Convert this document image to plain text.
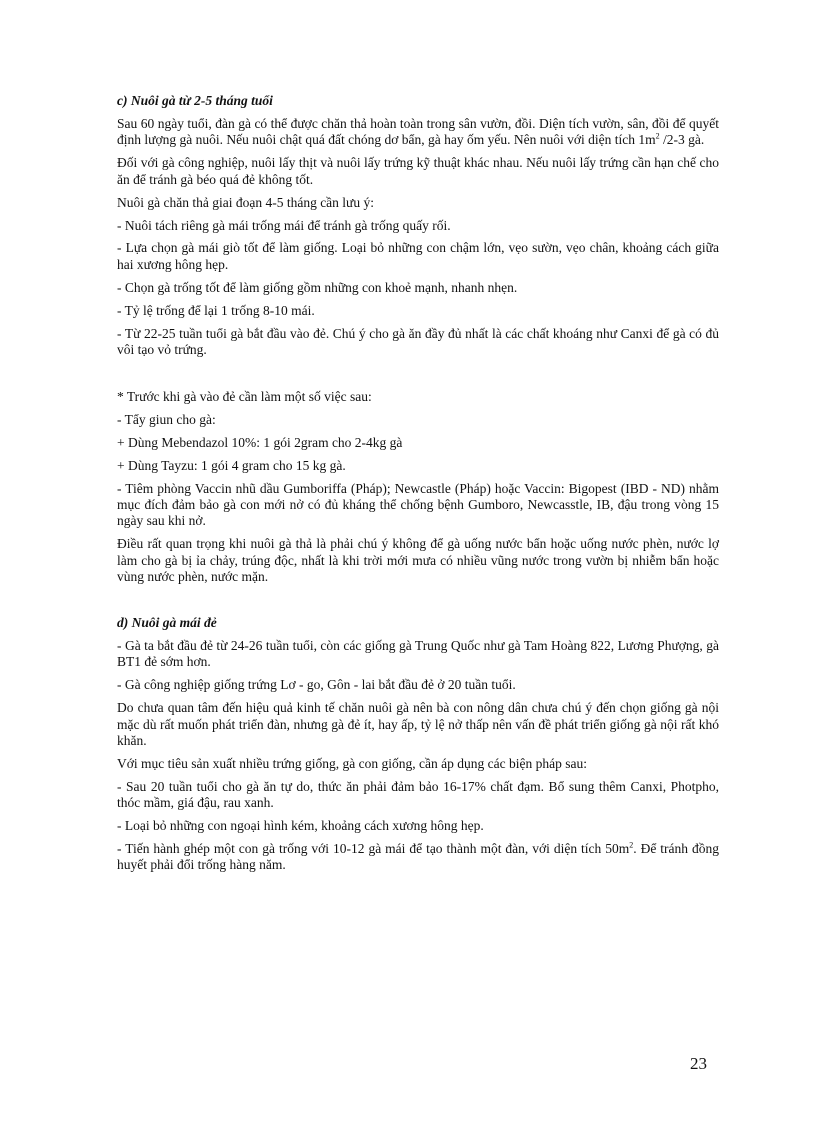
c) Nuôi gà từ 2-5 tháng tuổi

Sau 60 ngày tuổi, đàn gà có thể được chăn thả hoàn toàn trong sân vườn, đồi. Diện tích vườn, sân, đồi để quyết định lượng gà nuôi. Nếu nuôi chật quá đất chóng dơ bẩn, gà hay ốm yếu. Nên nuôi với diện tích $1m^2$ /2-3 gà.

Đối với gà công nghiệp, nuôi lấy thịt và nuôi lấy trứng kỹ thuật khác nhau. Nếu nuôi lấy trứng cần hạn chế cho ăn để tránh gà béo quá đẻ không tốt.

Nuôi gà chăn thả giai đoạn 4-5 tháng cần lưu ý:

- Nuôi tách riêng gà mái trống mái để tránh gà trống quấy rối.

- Lựa chọn gà mái giò tốt để làm giống. Loại bỏ những con chậm lớn, vẹo sườn, vẹo chân, khoảng cách giữa hai xương hông hẹp.

- Chọn gà trống tốt để làm giống gồm những con khoẻ mạnh, nhanh nhẹn.

- Tỷ lệ trống để lại 1 trống 8-10 mái.

- Từ 22-25 tuần tuổi gà bắt đầu vào đẻ. Chú ý cho gà ăn đầy đủ nhất là các chất khoáng như Canxi để gà có đủ vôi tạo vỏ trứng.

* Trước khi gà vào đẻ cần làm một số việc sau:

- Tẩy giun cho gà:

+ Dùng Mebendazol 10%: 1 gói 2gram cho 2-4kg gà

+ Dùng Tayzu: 1 gói 4 gram cho 15 kg gà.

- Tiêm phòng Vaccin nhũ dầu Gumboriffa (Pháp); Newcastle (Pháp) hoặc Vaccin: Bigopest (IBD - ND) nhằm mục đích đảm bảo gà con mới nở có đủ kháng thể chống bệnh Gumboro, Newcasstle, IB, đậu trong vòng 15 ngày sau khi nở.

Điều rất quan trọng khi nuôi gà thả là phải chú ý không để gà uống nước bẩn hoặc uống nước phèn, nước lợ làm cho gà bị ỉa chảy, trúng độc, nhất là khi trời mới mưa có nhiều vũng nước trong vườn bị nhiễm bẩn hoặc vùng nước phèn, nước mặn.

d) Nuôi gà mái đẻ

- Gà ta bắt đầu đẻ từ 24-26 tuần tuổi, còn các giống gà Trung Quốc như gà Tam Hoàng 822, Lương Phượng, gà BT1 đẻ sớm hơn.

- Gà công nghiệp giống trứng Lơ - go, Gôn - lai bắt đầu đẻ ở 20 tuần tuổi.

Do chưa quan tâm đến hiệu quả kinh tế chăn nuôi gà nên bà con nông dân chưa chú ý đến chọn giống gà nội mặc dù rất muốn phát triển đàn, nhưng gà đẻ ít, hay ấp, tỷ lệ nở thấp nên vấn đề phát triển giống gà nội rất khó khăn.

Với mục tiêu sản xuất nhiều trứng giống, gà con giống, cần áp dụng các biện pháp sau:

- Sau 20 tuần tuổi cho gà ăn tự do, thức ăn phải đảm bảo 16-17% chất đạm. Bổ sung thêm Canxi, Photpho, thóc mầm, giá đậu, rau xanh.

- Loại bỏ những con ngoại hình kém, khoảng cách xương hông hẹp.

- Tiến hành ghép một con gà trống với 10-12 gà mái để tạo thành một đàn, với diện tích $50m^2$. Để tránh đồng huyết phải đổi trống hàng năm.

23
